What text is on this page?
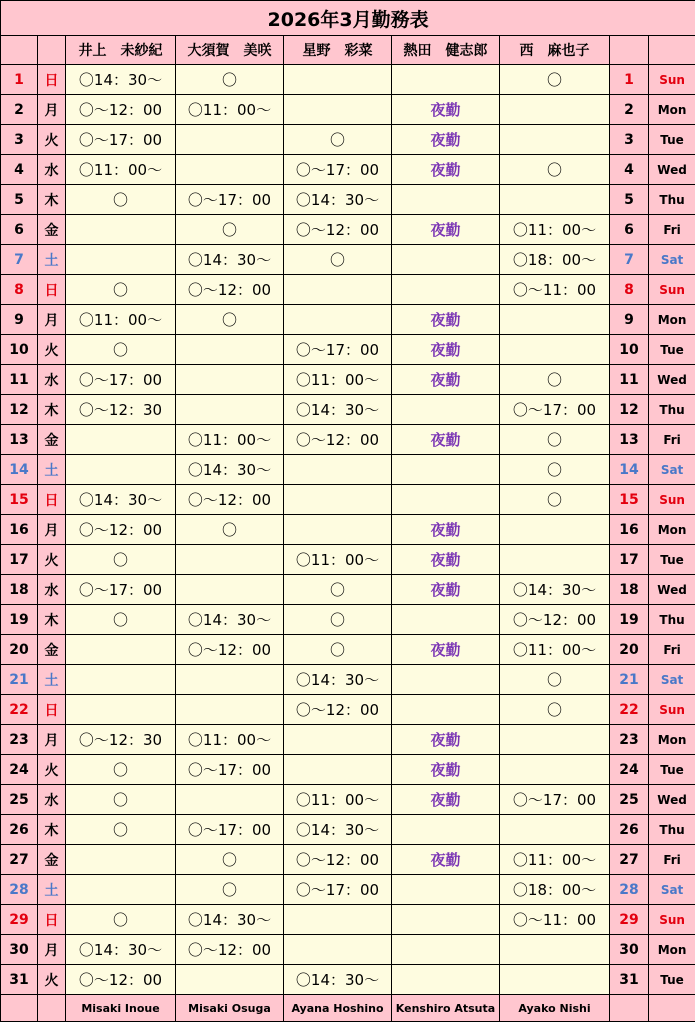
2026年3月勤務表								
		井上　未紗紀	大須賀　美咲	星野　彩菜	熱田　健志郎	西　麻也子		
1	日	〇14：30〜	〇			〇	1	Sun
2	月	〇〜12：00	〇11：00〜		夜勤		2	Mon
3	火	〇〜17：00		〇	夜勤		3	Tue
4	水	〇11：00〜		〇〜17：00	夜勤	〇	4	Wed
5	木	〇	〇〜17：00	〇14：30〜			5	Thu
6	金		〇	〇〜12：00	夜勤	〇11：00〜	6	Fri
7	土		〇14：30〜	〇		〇18：00〜	7	Sat
8	日	〇	〇〜12：00			〇〜11：00	8	Sun
9	月	〇11：00〜	〇		夜勤		9	Mon
10	火	〇		〇〜17：00	夜勤		10	Tue
11	水	〇〜17：00		〇11：00〜	夜勤	〇	11	Wed
12	木	〇〜12：30		〇14：30〜		〇〜17：00	12	Thu
13	金		〇11：00〜	〇〜12：00	夜勤	〇	13	Fri
14	土		〇14：30〜			〇	14	Sat
15	日	〇14：30〜	〇〜12：00			〇	15	Sun
16	月	〇〜12：00	〇		夜勤		16	Mon
17	火	〇		〇11：00〜	夜勤		17	Tue
18	水	〇〜17：00		〇	夜勤	〇14：30〜	18	Wed
19	木	〇	〇14：30〜	〇		〇〜12：00	19	Thu
20	金		〇〜12：00	〇	夜勤	〇11：00〜	20	Fri
21	土			〇14：30〜		〇	21	Sat
22	日			〇〜12：00		〇	22	Sun
23	月	〇〜12：30	〇11：00〜		夜勤		23	Mon
24	火	〇	〇〜17：00		夜勤		24	Tue
25	水	〇		〇11：00〜	夜勤	〇〜17：00	25	Wed
26	木	〇	〇〜17：00	〇14：30〜			26	Thu
27	金		〇	〇〜12：00	夜勤	〇11：00〜	27	Fri
28	土		〇	〇〜17：00		〇18：00〜	28	Sat
29	日	〇	〇14：30〜			〇〜11：00	29	Sun
30	月	〇14：30〜	〇〜12：00				30	Mon
31	火	〇〜12：00		〇14：30〜			31	Tue
		Misaki Inoue	Misaki Osuga	Ayana Hoshino	Kenshiro Atsuta	Ayako Nishi		
